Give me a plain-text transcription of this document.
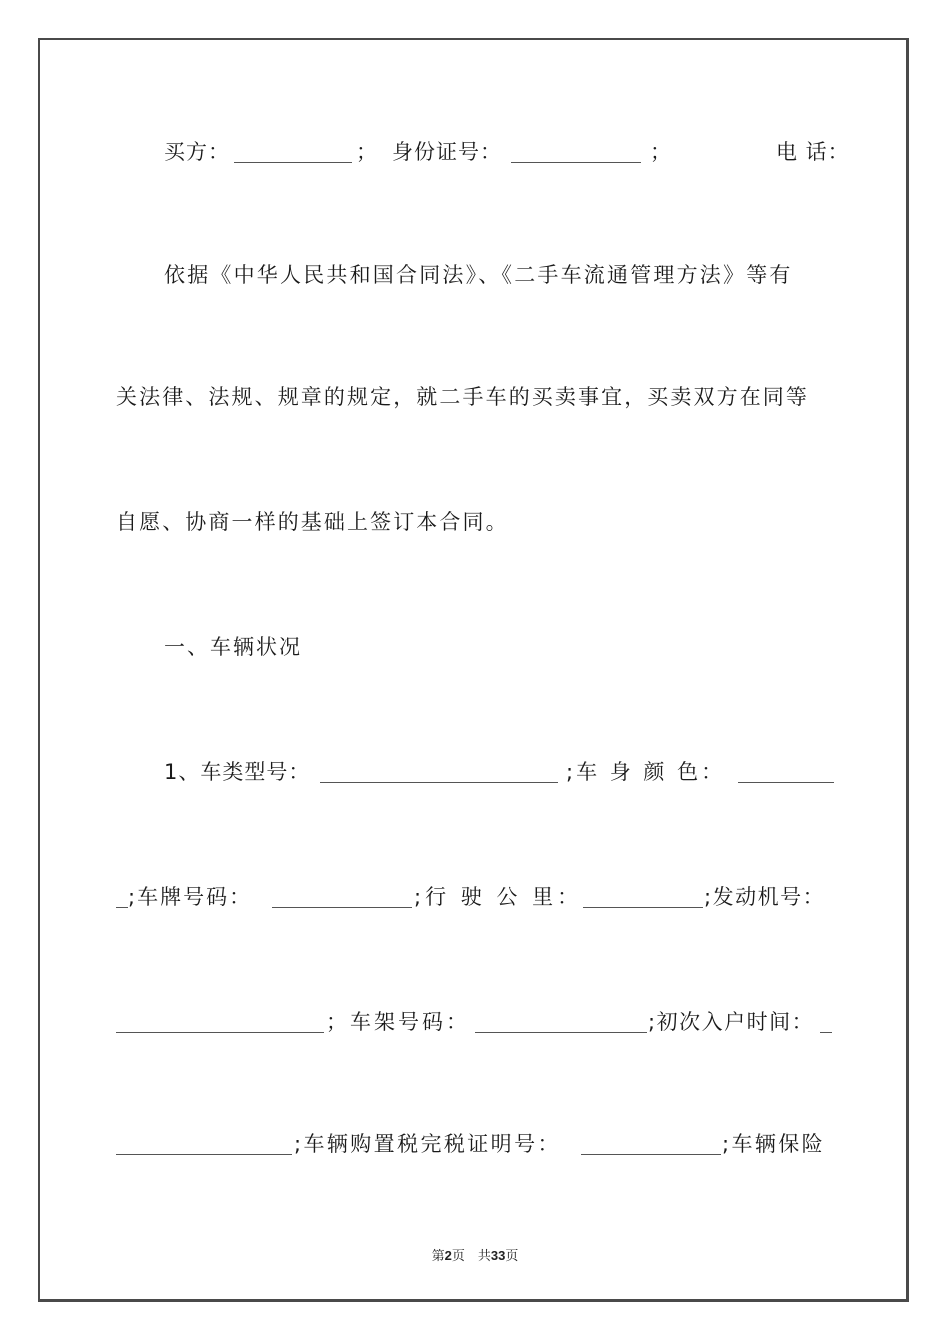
买方：	； 身份证号：	；	电 话：
依据《中华人民共和国合同法》、《二手车流通管理方法》等有
关法律、法规、规章的规定，就二手车的买卖事宜，买卖双方在同等
自愿、协商一样的基础上签订本合同。
一、车辆状况
1、车类型号：	;车 身 颜 色：
;车牌号码：	;行 驶 公 里：	;发动机号：
；车架号码：	;初次入户时间：
;车辆购置税完税证明号：	;车辆保险
第2页　共33页
